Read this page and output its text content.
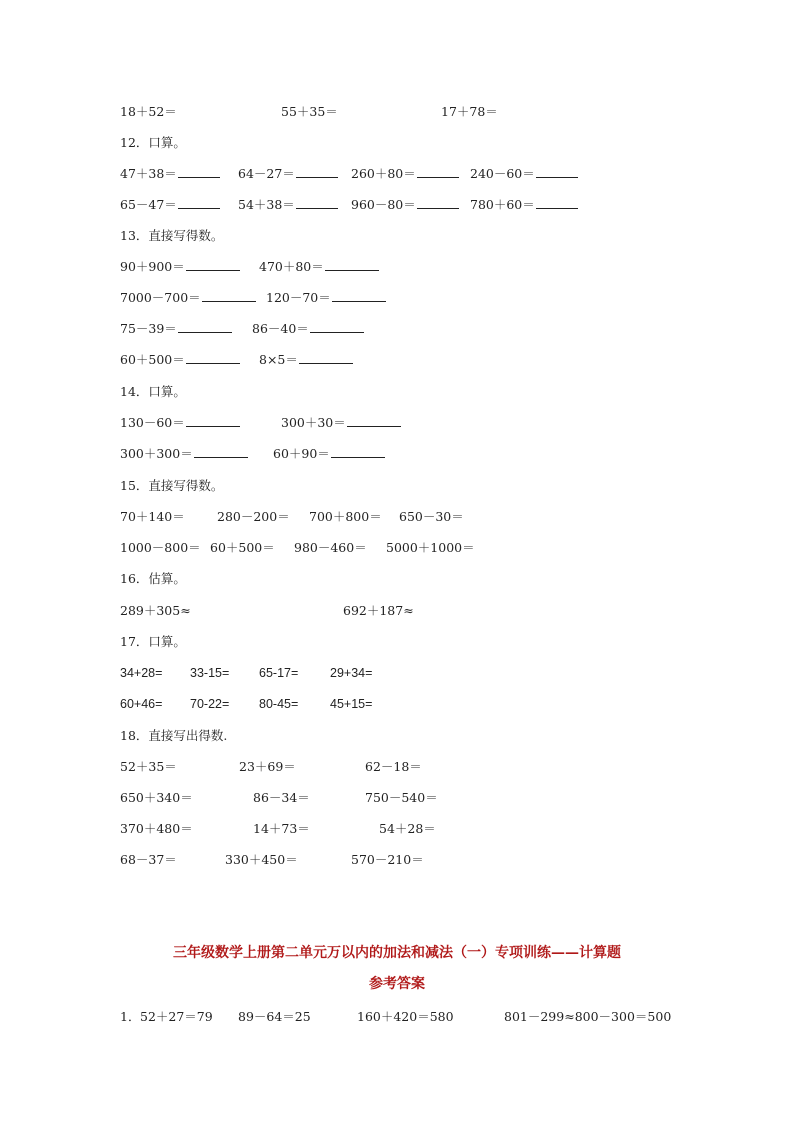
18＋52＝	55＋35＝	17＋78＝
12．口算。
47＋38＝	64－27＝	260＋80＝	240－60＝
65－47＝	54＋38＝	960－80＝	780＋60＝
13．直接写得数。
90＋900＝	470＋80＝
7000－700＝	120－70＝
75－39＝	86－40＝
60＋500＝	8×5＝
14．口算。
130－60＝	300＋30＝
300＋300＝	60＋90＝
15．直接写得数。
70＋140＝	280－200＝ 700＋800＝ 650－30＝
1000－800＝ 60＋500＝ 980－460＝ 5000＋1000＝
16．估算。
289＋305≈	692＋187≈
17．口算。
34+28= 33-15= 65-17=	29+34=
60+46= 70-22= 80-45=	45+15=
18．直接写出得数.
52＋35＝	23＋69＝	62－18＝
650＋340＝	86－34＝	750－540＝
370＋480＝	14＋73＝	54＋28＝
68－37＝	330＋450＝	570－210＝
三年级数学上册第二单元万以内的加法和减法（一）专项训练——计算题
参考答案
1． 52＋27＝79 89－64＝25	160＋420＝580	801－299≈800－300＝500
